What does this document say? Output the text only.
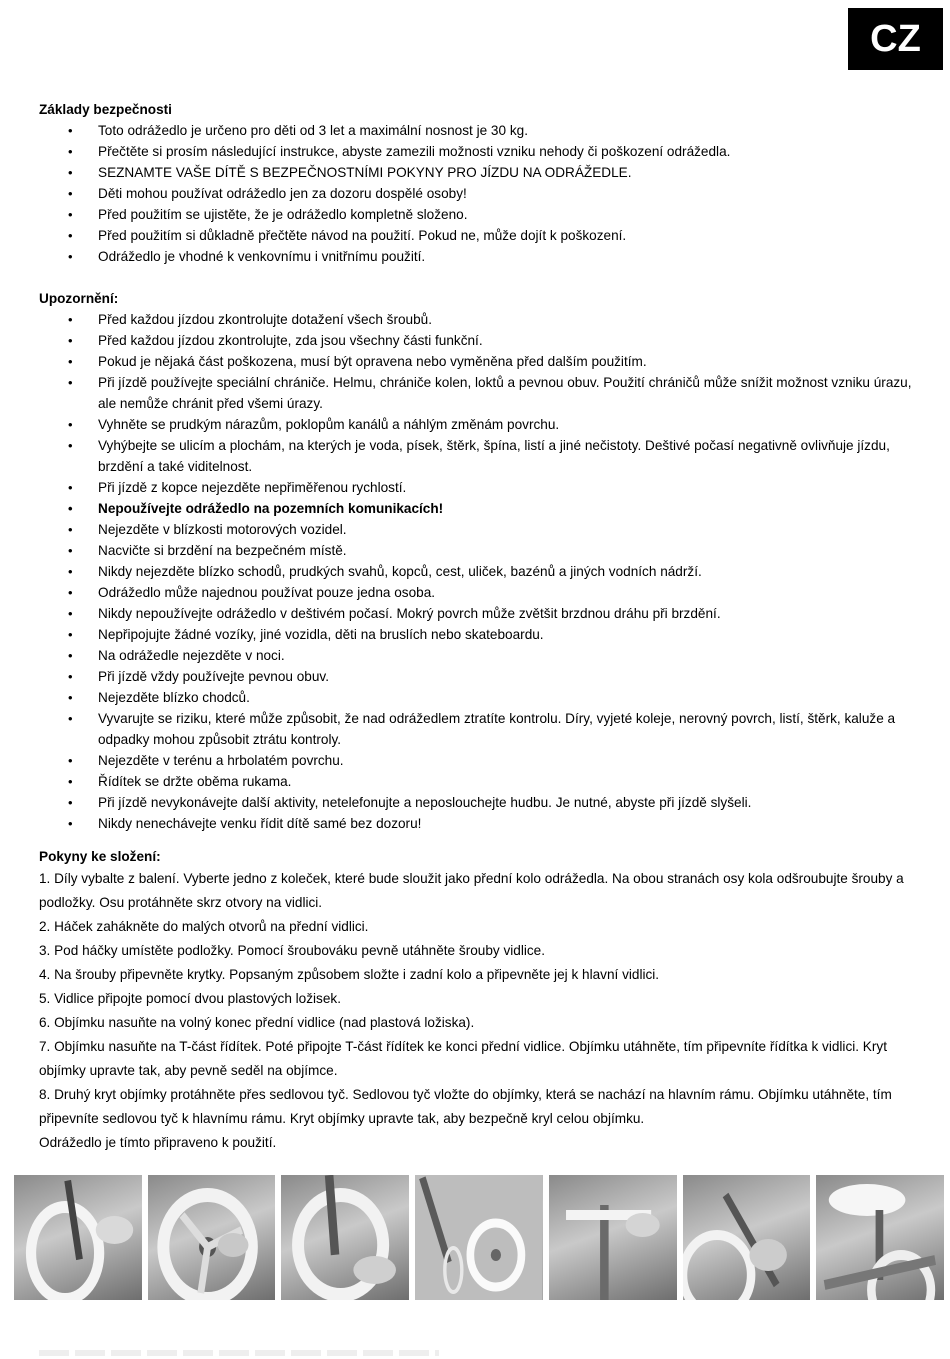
CZ
Základy bezpečnosti
• Toto odrážedlo je určeno pro děti od 3 let a maximální nosnost je 30 kg.
• Přečtěte si prosím následující instrukce, abyste zamezili možnosti vzniku nehody či poškození odrážedla.
• SEZNAMTE VAŠE DÍTĚ S BEZPEČNOSTNÍMI POKYNY PRO JÍZDU NA ODRÁŽEDLE.
• Děti mohou používat odrážedlo jen za dozoru dospělé osoby!
• Před použitím se ujistěte, že je odrážedlo kompletně složeno.
• Před použitím si důkladně přečtěte návod na použití. Pokud ne, může dojít k poškození.
• Odrážedlo je vhodné k venkovnímu i vnitřnímu použití.
Upozornění:
• Před každou jízdou zkontrolujte dotažení všech šroubů.
• Před každou jízdou zkontrolujte, zda jsou všechny části funkční.
• Pokud je nějaká část poškozena, musí být opravena nebo vyměněna před dalším použitím.
• Při jízdě používejte speciální chrániče. Helmu, chrániče kolen, loktů a pevnou obuv. Použití chráničů může snížit možnost vzniku úrazu, ale nemůže chránit před všemi úrazy.
• Vyhněte se prudkým nárazům, poklopům kanálů a náhlým změnám povrchu.
• Vyhýbejte se ulicím a plochám, na kterých je voda, písek, štěrk, špína, listí a jiné nečistoty. Deštivé počasí negativně ovlivňuje jízdu, brzdění a také viditelnost.
• Při jízdě z kopce nejezděte nepřiměřenou rychlostí.
• Nepoužívejte odrážedlo na pozemních komunikacích!
• Nejezděte v blízkosti motorových vozidel.
• Nacvičte si brzdění na bezpečném místě.
• Nikdy nejezděte blízko schodů, prudkých svahů, kopců, cest, uliček, bazénů a jiných vodních nádrží.
• Odrážedlo může najednou používat pouze jedna osoba.
• Nikdy nepoužívejte odrážedlo v deštivém počasí. Mokrý povrch může zvětšit brzdnou dráhu při brzdění.
• Nepřipojujte žádné vozíky, jiné vozidla, děti na bruslích nebo skateboardu.
• Na odrážedle nejezděte v noci.
• Při jízdě vždy používejte pevnou obuv.
• Nejezděte blízko chodců.
• Vyvarujte se riziku, které může způsobit, že nad odrážedlem ztratíte kontrolu. Díry, vyjeté koleje, nerovný povrch, listí, štěrk, kaluže a odpadky mohou způsobit ztrátu kontroly.
• Nejezděte v terénu a hrbolatém povrchu.
• Řídítek se držte oběma rukama.
• Při jízdě nevykonávejte další aktivity, netelefonujte a neposlouchejte hudbu. Je nutné, abyste při jízdě slyšeli.
• Nikdy nenechávejte venku řídit dítě samé bez dozoru!
Pokyny ke složení:
1. Díly vybalte z balení. Vyberte jedno z koleček, které bude sloužit jako přední kolo odrážedla. Na obou stranách osy kola odšroubujte šrouby a podložky. Osu protáhněte skrz otvory na vidlici.
2. Háček zahákněte do malých otvorů na přední vidlici.
3. Pod háčky umístěte podložky. Pomocí šroubováku pevně utáhněte šrouby vidlice.
4. Na šrouby připevněte krytky. Popsaným způsobem složte i zadní kolo a připevněte jej k hlavní vidlici.
5. Vidlice připojte pomocí dvou plastových ložisek.
6. Objímku nasuňte na volný konec přední vidlice (nad plastová ložiska).
7. Objímku nasuňte na T-část řídítek. Poté připojte T-část řídítek ke konci přední vidlice. Objímku utáhněte, tím připevníte řídítka k vidlici. Kryt objímky upravte tak, aby pevně seděl na objímce.
8. Druhý kryt objímky protáhněte přes sedlovou tyč. Sedlovou tyč vložte do objímky, která se nachází na hlavním rámu. Objímku utáhněte, tím připevníte sedlovou tyč k hlavnímu rámu. Kryt objímky upravte tak, aby bezpečně kryl celou objímku.
Odrážedlo je tímto připraveno k použití.
